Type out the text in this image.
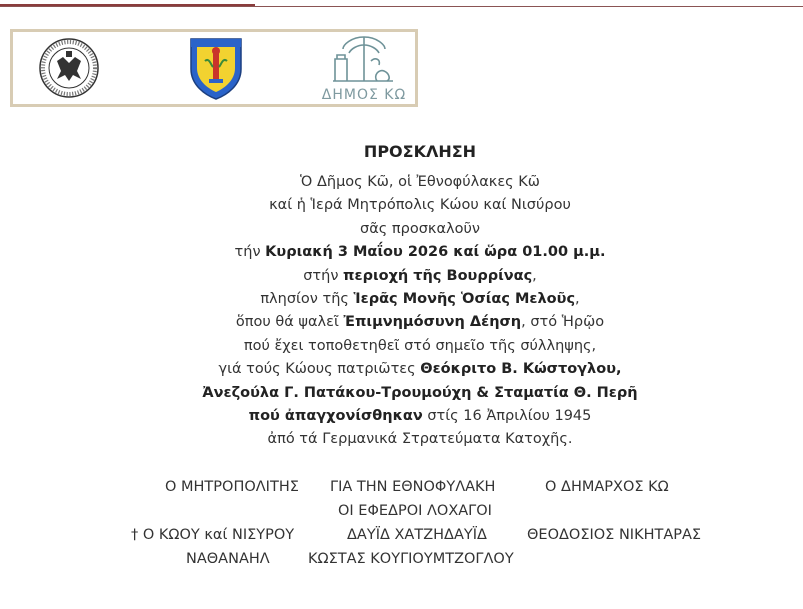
ΔΗΜΟΣ ΚΩ
ΠΡΟΣΚΛΗΣΗ
Ὁ Δῆμος Κῶ, οἱ Ἐθνοφύλακες Κῶ
καί ἡ Ἱερά Μητρόπολις Κώου καί Νισύρου
σᾶς προσκαλοῦν
τήν Κυριακή 3 Μαΐου 2026 καί ὥρα 01.00 μ.μ.
στήν περιοχή τῆς Βουρρίνας,
πλησίον τῆς Ἱερᾶς Μονῆς Ὁσίας Μελοῦς,
ὅπου θά ψαλεῖ Ἐπιμνημόσυνη Δέηση, στό Ἡρῷο
πού ἔχει τοποθετηθεῖ στό σημεῖο τῆς σύλληψης,
γιά τούς Κώους πατριῶτες Θεόκριτο Β. Κώστογλου,
Ἀνεζούλα Γ. Πατάκου-Τρουμούχη & Σταματία Θ. Περῆ
πού ἀπαγχονίσθηκαν στίς 16 Ἀπριλίου 1945
ἀπό τά Γερμανικά Στρατεύματα Κατοχῆς.
Ο ΜΗΤΡΟΠΟΛΙΤΗΣ ΓΙΑ ΤΗΝ ΕΘΝΟΦΥΛΑΚΗ	Ο ΔΗΜΑΡΧΟΣ ΚΩ
ΟΙ ΕΦΕΔΡΟΙ ΛΟΧΑΓΟΙ
† Ο ΚΩΟΥ καί ΝΙΣΥΡΟΥ	ΔΑΥΪΔ ΧΑΤΖΗΔΑΥΪΔ	ΘΕΟΔΟΣΙΟΣ ΝΙΚΗΤΑΡΑΣ
ΝΑΘΑΝΑΗΛ	ΚΩΣΤΑΣ ΚΟΥΓΙΟΥΜΤΖΟΓΛΟΥ
